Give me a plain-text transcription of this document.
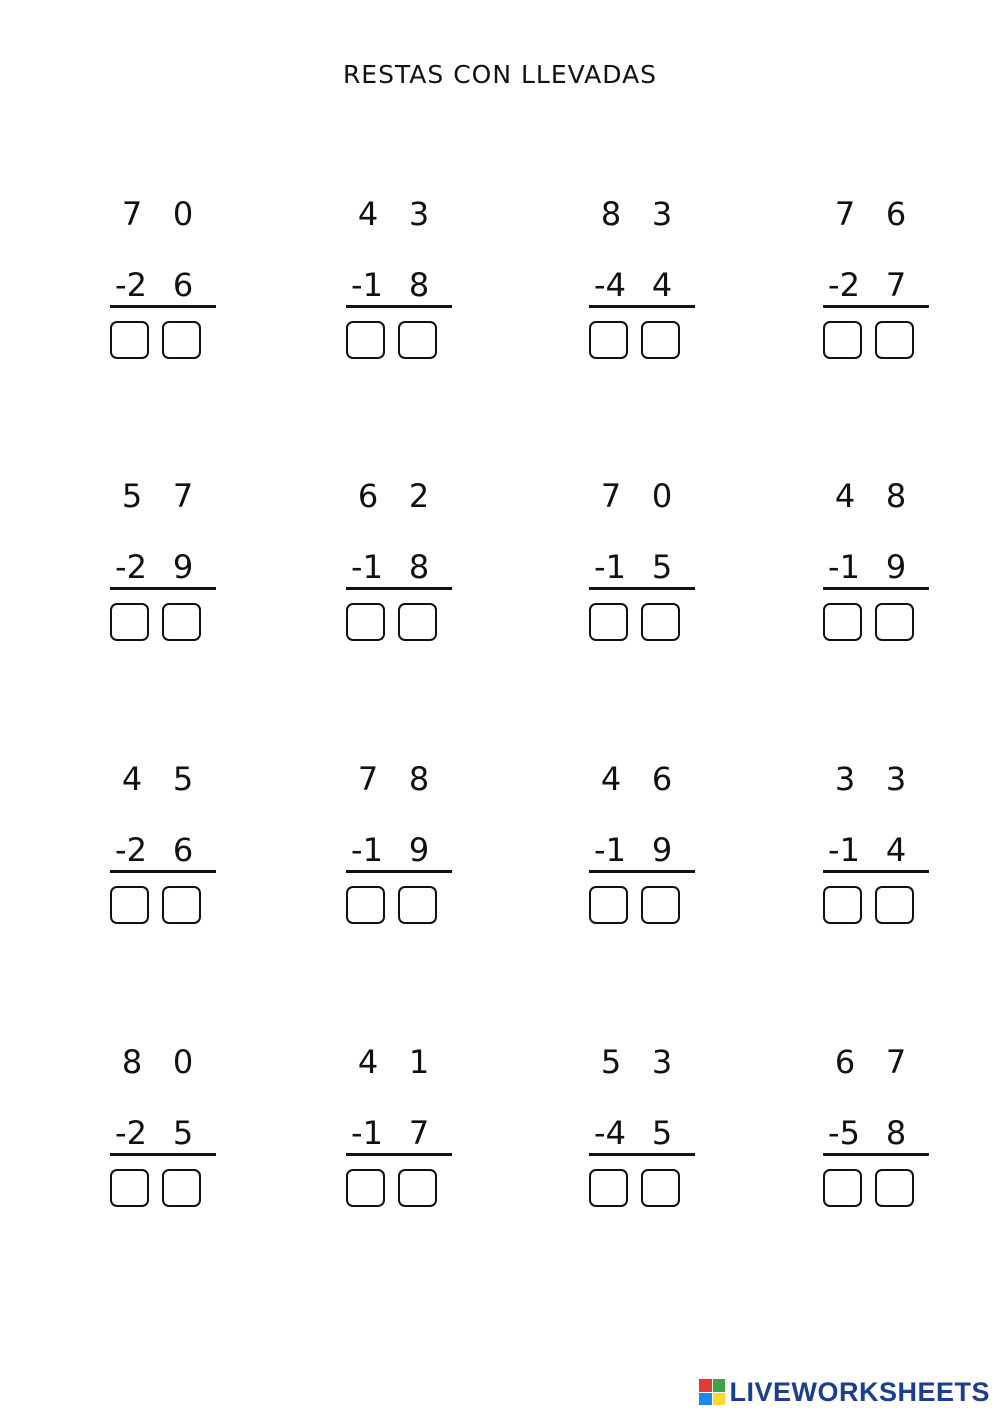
RESTAS CON LLEVADAS
7 0
-2 6
4 3
-1 8
8 3
-4 4
7 6
-2 7
5 7
-2 9
6 2
-1 8
7 0
-1 5
4 8
-1 9
4 5
-2 6
7 8
-1 9
4 6
-1 9
3 3
-1 4
8 0
-2 5
4 1
-1 7
5 3
-4 5
6 7
-5 8
LIVEWORKSHEETS
